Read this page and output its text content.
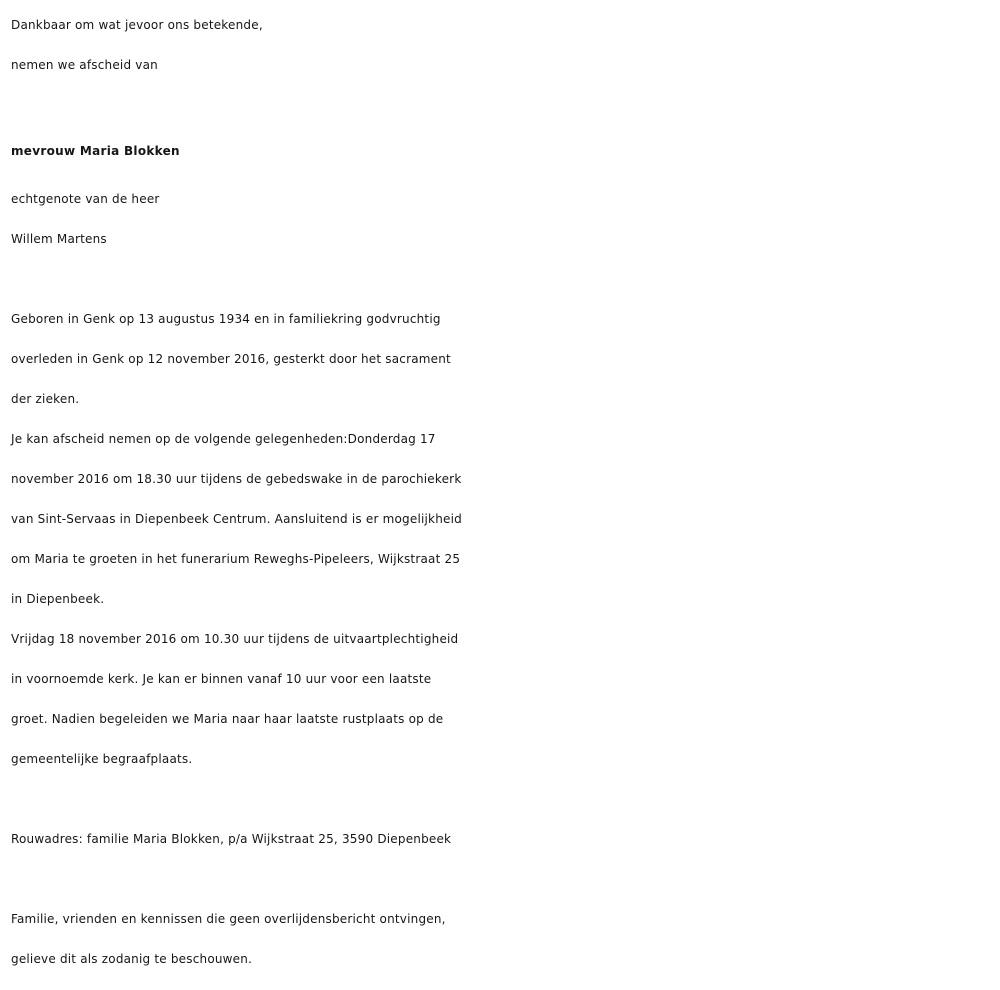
Dankbaar om wat jevoor ons betekende,
nemen we afscheid van
mevrouw Maria Blokken
echtgenote van de heer
Willem Martens
Geboren in Genk op 13 augustus 1934 en in familiekring godvruchtig
overleden in Genk op 12 november 2016, gesterkt door het sacrament
der zieken.
Je kan afscheid nemen op de volgende gelegenheden:Donderdag 17
november 2016 om 18.30 uur tijdens de gebedswake in de parochiekerk
van Sint-Servaas in Diepenbeek Centrum. Aansluitend is er mogelijkheid
om Maria te groeten in het funerarium Reweghs-Pipeleers, Wijkstraat 25
in Diepenbeek.
Vrijdag 18 november 2016 om 10.30 uur tijdens de uitvaartplechtigheid
in voornoemde kerk. Je kan er binnen vanaf 10 uur voor een laatste
groet. Nadien begeleiden we Maria naar haar laatste rustplaats op de
gemeentelijke begraafplaats.
Rouwadres: familie Maria Blokken, p/a Wijkstraat 25, 3590 Diepenbeek
Familie, vrienden en kennissen die geen overlijdensbericht ontvingen,
gelieve dit als zodanig te beschouwen.
